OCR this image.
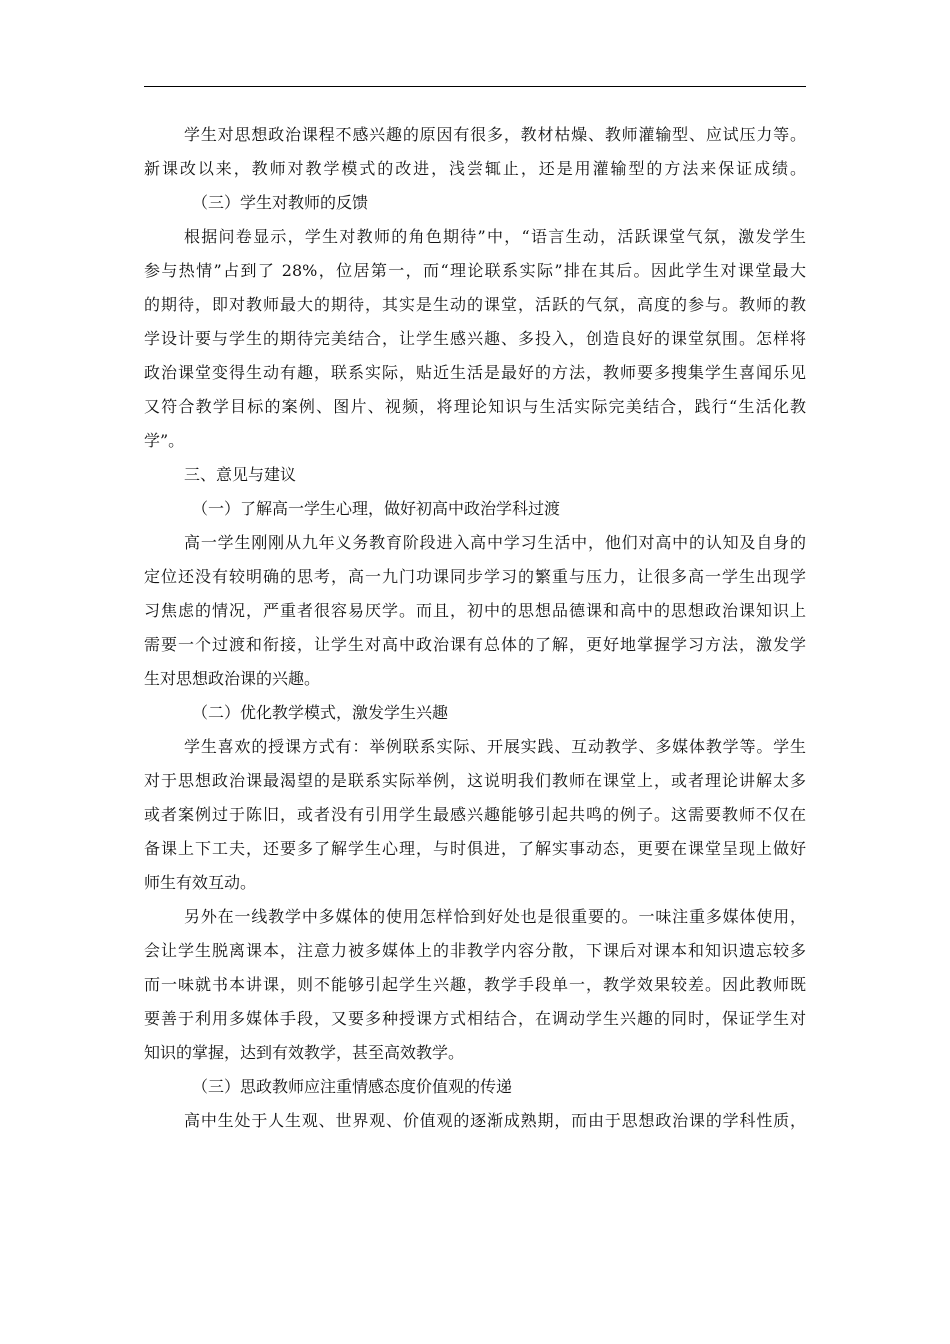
学生对思想政治课程不感兴趣的原因有很多，教材枯燥、教师灌输型、应试压力等。
新课改以来，教师对教学模式的改进，浅尝辄止，还是用灌输型的方法来保证成绩。
（三）学生对教师的反馈
根据问卷显示，学生对教师的角色期待”中，“语言生动，活跃课堂气氛，激发学生
参与热情”占到了 28%，位居第一，而“理论联系实际”排在其后。因此学生对课堂最大
的期待，即对教师最大的期待，其实是生动的课堂，活跃的气氛，高度的参与。教师的教
学设计要与学生的期待完美结合，让学生感兴趣、多投入，创造良好的课堂氛围。怎样将
政治课堂变得生动有趣，联系实际，贴近生活是最好的方法，教师要多搜集学生喜闻乐见
又符合教学目标的案例、图片、视频，将理论知识与生活实际完美结合，践行“生活化教
学”。
三、意见与建议
（一）了解高一学生心理，做好初高中政治学科过渡
高一学生刚刚从九年义务教育阶段进入高中学习生活中，他们对高中的认知及自身的
定位还没有较明确的思考，高一九门功课同步学习的繁重与压力，让很多高一学生出现学
习焦虑的情况，严重者很容易厌学。而且，初中的思想品德课和高中的思想政治课知识上
需要一个过渡和衔接，让学生对高中政治课有总体的了解，更好地掌握学习方法，激发学
生对思想政治课的兴趣。
（二）优化教学模式，激发学生兴趣
学生喜欢的授课方式有：举例联系实际、开展实践、互动教学、多媒体教学等。学生
对于思想政治课最渴望的是联系实际举例，这说明我们教师在课堂上，或者理论讲解太多
或者案例过于陈旧，或者没有引用学生最感兴趣能够引起共鸣的例子。这需要教师不仅在
备课上下工夫，还要多了解学生心理，与时俱进，了解实事动态，更要在课堂呈现上做好
师生有效互动。
另外在一线教学中多媒体的使用怎样恰到好处也是很重要的。一味注重多媒体使用，
会让学生脱离课本，注意力被多媒体上的非教学内容分散，下课后对课本和知识遗忘较多
而一味就书本讲课，则不能够引起学生兴趣，教学手段单一，教学效果较差。因此教师既
要善于利用多媒体手段，又要多种授课方式相结合，在调动学生兴趣的同时，保证学生对
知识的掌握，达到有效教学，甚至高效教学。
（三）思政教师应注重情感态度价值观的传递
高中生处于人生观、世界观、价值观的逐渐成熟期，而由于思想政治课的学科性质，
